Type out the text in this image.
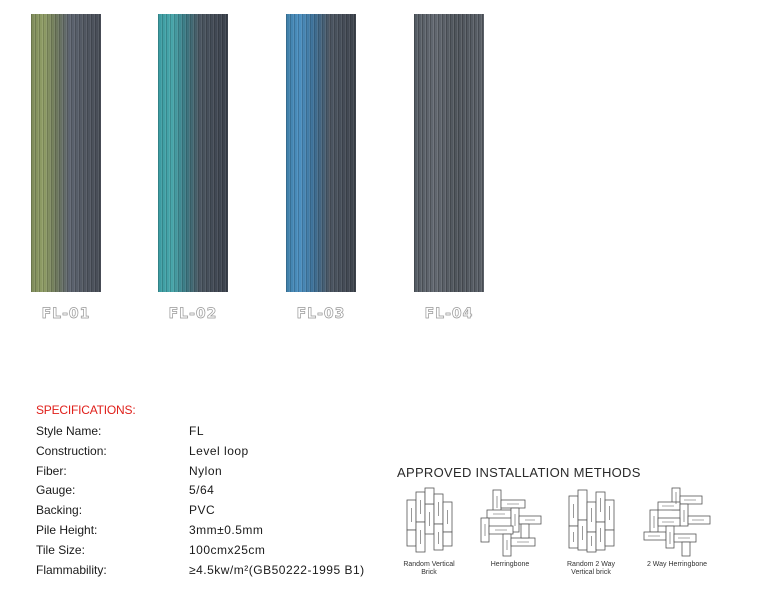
FL-01	FL-02	FL-03	FL-04
SPECIFICATIONS:
Style Name:	FL
Construction:	Level loop
Fiber:	Nylon
Gauge:	5/64
Backing:	PVC
Pile Height:	3mm±0.5mm
Tile Size:	100cmx25cm
Flammability:	≥4.5kw/m²(GB50222-1995 B1)
APPROVED INSTALLATION METHODS
Random Vertical
Brick
Herringbone	Random 2 Way
Vertical brick
2 Way Herringbone
